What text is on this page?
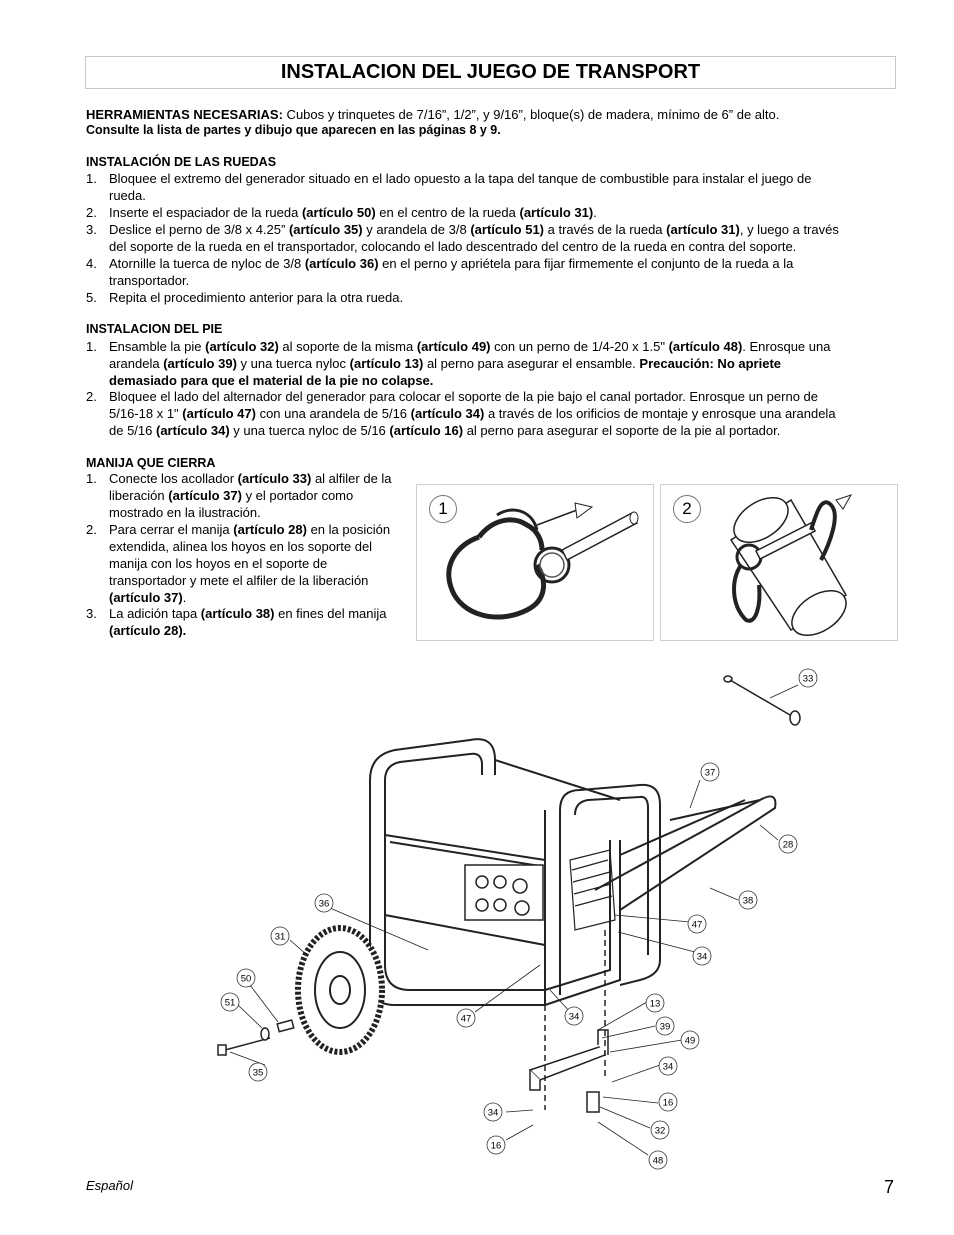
INSTALACION DEL JUEGO DE TRANSPORT
HERRAMIENTAS NECESARIAS: Cubos y trinquetes de 7/16”, 1/2”, y 9/16”, bloque(s) de madera, mínimo de 6” de alto.
Consulte la lista de partes y dibujo que aparecen en las páginas 8 y 9.
INSTALACIÓN DE LAS RUEDAS
1. Bloquee el extremo del generador situado en el lado opuesto a la tapa del tanque de combustible para instalar el juego de
rueda.
2. Inserte el espaciador de la rueda (artículo 50) en el centro de la rueda (artículo 31).
3. Deslice el perno de 3/8 x 4.25” (artículo 35) y arandela de 3/8 (artículo 51) a través de la rueda (artículo 31), y luego a través
del soporte de la rueda en el transportador, colocando el lado descentrado del centro de la rueda en contra del soporte.
4. Atornille la tuerca de nyloc de 3/8 (artículo 36) en el perno y apriétela para fijar firmemente el conjunto de la rueda a la
transportador.
5. Repita el procedimiento anterior para la otra rueda.
INSTALACION DEL PIE
1. Ensamble la pie (artículo 32) al soporte de la misma (artículo 49) con un perno de 1/4-20 x 1.5" (artículo 48). Enrosque una
arandela (artículo 39) y una tuerca nyloc (artículo 13) al perno para asegurar el ensamble. Precaución: No apriete
demasiado para que el material de la pie no colapse.
2. Bloquee el lado del alternador del generador para colocar el soporte de la pie bajo el canal portador. Enrosque un perno de
5/16-18 x 1" (artículo 47) con una arandela de 5/16 (artículo 34) a través de los orificios de montaje y enrosque una arandela
de 5/16 (artículo 34) y una tuerca nyloc de 5/16 (artículo 16) al perno para asegurar el soporte de la pie al portador.
MANIJA QUE CIERRA
1. Conecte los acollador (artículo 33) al alfiler de la
liberación (artículo 37) y el portador como
mostrado en la ilustración.
2. Para cerrar el manija (artículo 28) en la posición
extendida, alinea los hoyos en los soporte del
manija con los hoyos en el soporte de
transportador y mete el alfiler de la liberación
(artículo 37).
3. La adición tapa (artículo 38) en fines del manija
(artículo 28).
1	2
33
37
28
38
47
34
36
31
50
51
35
47	34
13
39
49
34
16
32
48
34
16
Español	7
